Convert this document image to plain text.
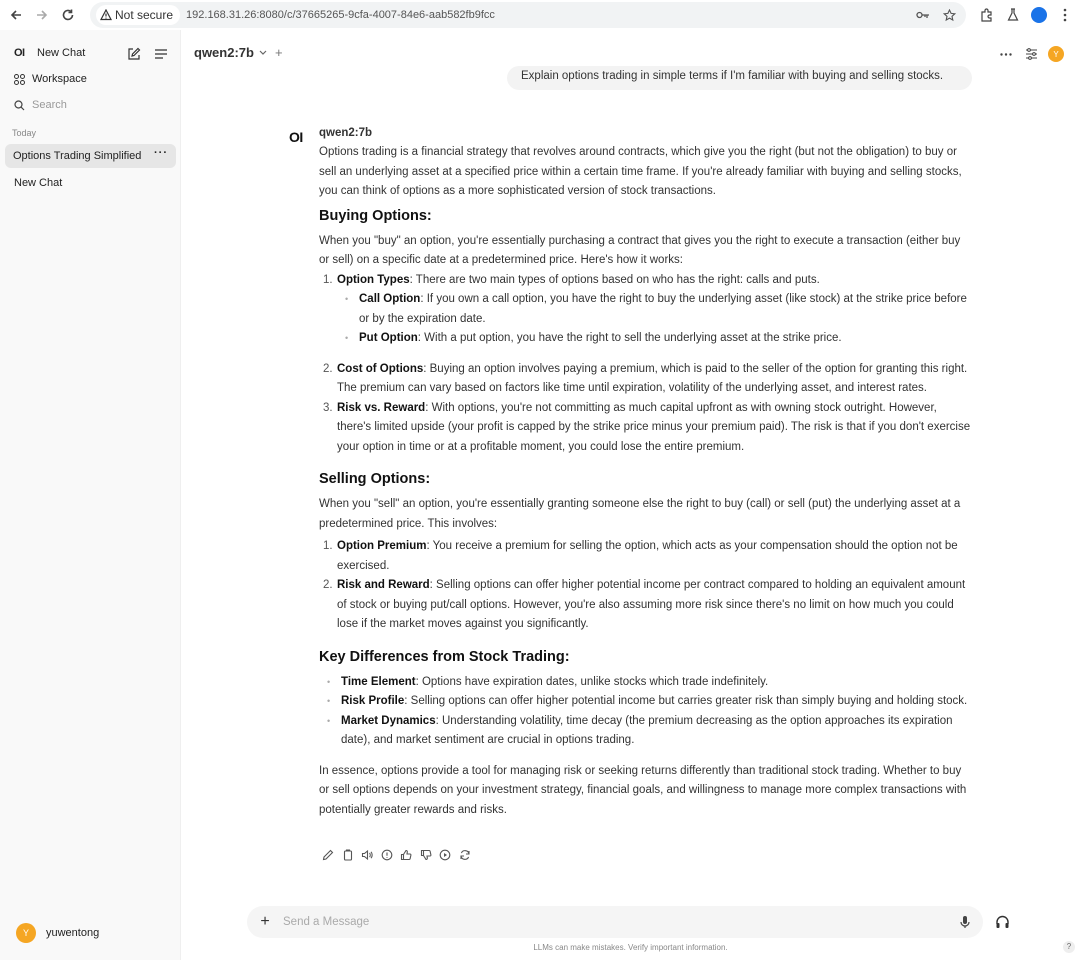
Not secure 192.168.31.26:8080/c/37665265-9cfa-4007-84e6-aab582fb9fcc
OI	New Chat
Workspace
Search
Today
Options Trading Simplified	···
New Chat
Y	yuwentong
qwen2:7b +	Y
Explain options trading in simple terms if I'm familiar with buying and selling stocks.
OI qwen2:7b

Options trading is a financial strategy that revolves around contracts, which give you the right (but not the obligation) to buy or sell an underlying asset at a specified price within a certain time frame. If you're already familiar with buying and selling stocks, you can think of options as a more sophisticated version of stock transactions.

Buying Options:

When you "buy" an option, you're essentially purchasing a contract that gives you the right to execute a transaction (either buy or sell) on a specific date at a predetermined price. Here's how it works:

1. Option Types: There are two main types of options based on who has the right: calls and puts.
• Call Option: If you own a call option, you have the right to buy the underlying asset (like stock) at the strike price before or by the expiration date.
• Put Option: With a put option, you have the right to sell the underlying asset at the strike price.
2. Cost of Options: Buying an option involves paying a premium, which is paid to the seller of the option for granting this right. The premium can vary based on factors like time until expiration, volatility of the underlying asset, and interest rates.
3. Risk vs. Reward: With options, you're not committing as much capital upfront as with owning stock outright. However, there's limited upside (your profit is capped by the strike price minus your premium paid). The risk is that if you don't exercise your option in time or at a profitable moment, you could lose the entire premium.
Selling Options:

When you "sell" an option, you're essentially granting someone else the right to buy (call) or sell (put) the underlying asset at a predetermined price. This involves:

1. Option Premium: You receive a premium for selling the option, which acts as your compensation should the option not be exercised.
2. Risk and Reward: Selling options can offer higher potential income per contract compared to holding an equivalent amount of stock or buying put/call options. However, you're also assuming more risk since there's no limit on how much you could lose if the market moves against you significantly.
Key Differences from Stock Trading:
• Time Element: Options have expiration dates, unlike stocks which trade indefinitely.
• Risk Profile: Selling options can offer higher potential income but carries greater risk than simply buying and holding stock.
• Market Dynamics: Understanding volatility, time decay (the premium decreasing as the option approaches its expiration date), and market sentiment are crucial in options trading.

In essence, options provide a tool for managing risk or seeking returns differently than traditional stock trading. Whether to buy or sell options depends on your investment strategy, financial goals, and willingness to manage more complex transactions with potentially greater rewards and risks.

+
Send a Message
LLMs can make mistakes. Verify important information.	?
